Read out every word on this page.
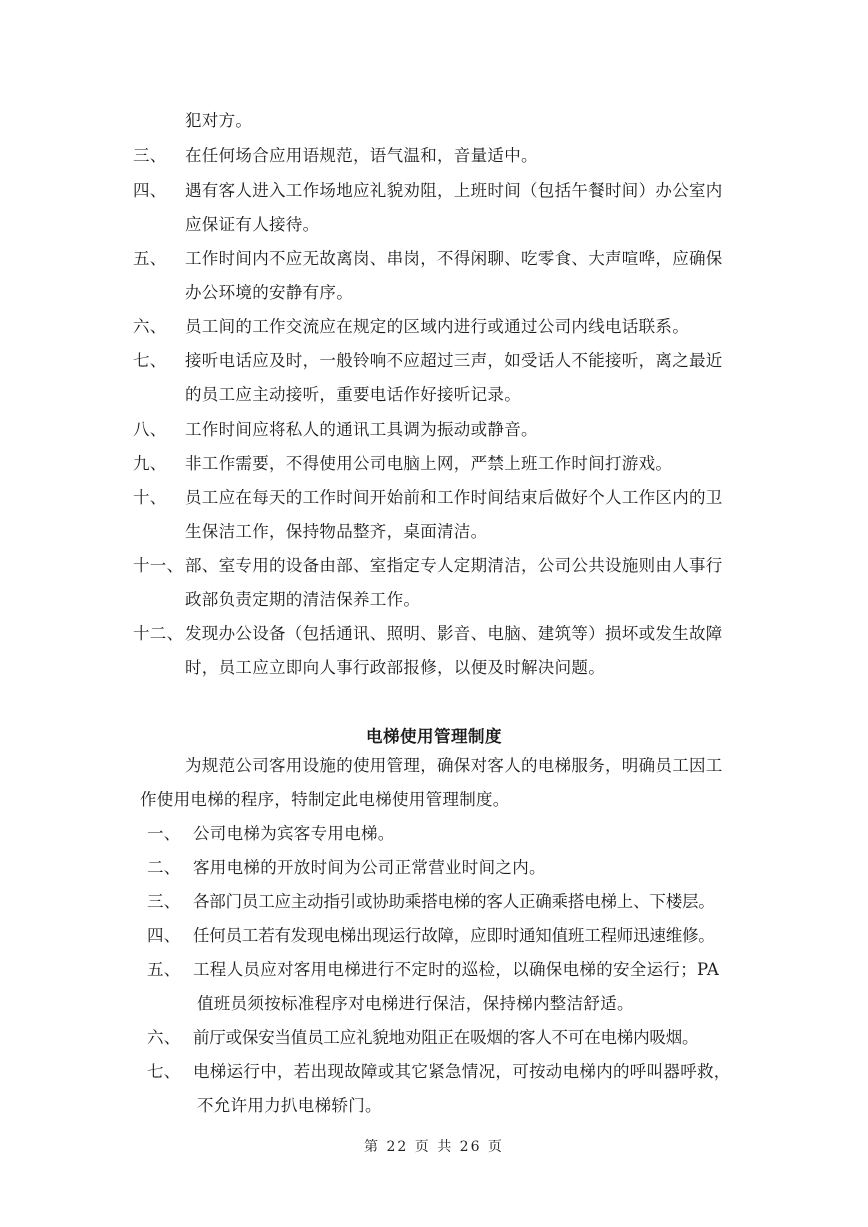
犯对方。
三、 在任何场合应用语规范，语气温和，音量适中。
四、 遇有客人进入工作场地应礼貌劝阻，上班时间（包括午餐时间）办公室内
应保证有人接待。
五、 工作时间内不应无故离岗、串岗，不得闲聊、吃零食、大声喧哗，应确保
办公环境的安静有序。
六、 员工间的工作交流应在规定的区域内进行或通过公司内线电话联系。
七、 接听电话应及时，一般铃响不应超过三声，如受话人不能接听，离之最近
的员工应主动接听，重要电话作好接听记录。
八、 工作时间应将私人的通讯工具调为振动或静音。
九、 非工作需要，不得使用公司电脑上网，严禁上班工作时间打游戏。
十、 员工应在每天的工作时间开始前和工作时间结束后做好个人工作区内的卫
生保洁工作，保持物品整齐，桌面清洁。
十一、 部、室专用的设备由部、室指定专人定期清洁，公司公共设施则由人事行
政部负责定期的清洁保养工作。
十二、 发现办公设备（包括通讯、照明、影音、电脑、建筑等）损坏或发生故障
时，员工应立即向人事行政部报修，以便及时解决问题。
电梯使用管理制度
为规范公司客用设施的使用管理，确保对客人的电梯服务，明确员工因工
作使用电梯的程序，特制定此电梯使用管理制度。
一、 公司电梯为宾客专用电梯。
二、 客用电梯的开放时间为公司正常营业时间之内。
三、 各部门员工应主动指引或协助乘搭电梯的客人正确乘搭电梯上、下楼层。
四、 任何员工若有发现电梯出现运行故障，应即时通知值班工程师迅速维修。
五、 工程人员应对客用电梯进行不定时的巡检，以确保电梯的安全运行；PA
值班员须按标准程序对电梯进行保洁，保持梯内整洁舒适。
六、 前厅或保安当值员工应礼貌地劝阻正在吸烟的客人不可在电梯内吸烟。
七、 电梯运行中，若出现故障或其它紧急情况，可按动电梯内的呼叫器呼救，
不允许用力扒电梯轿门。
第 22 页 共 26 页
